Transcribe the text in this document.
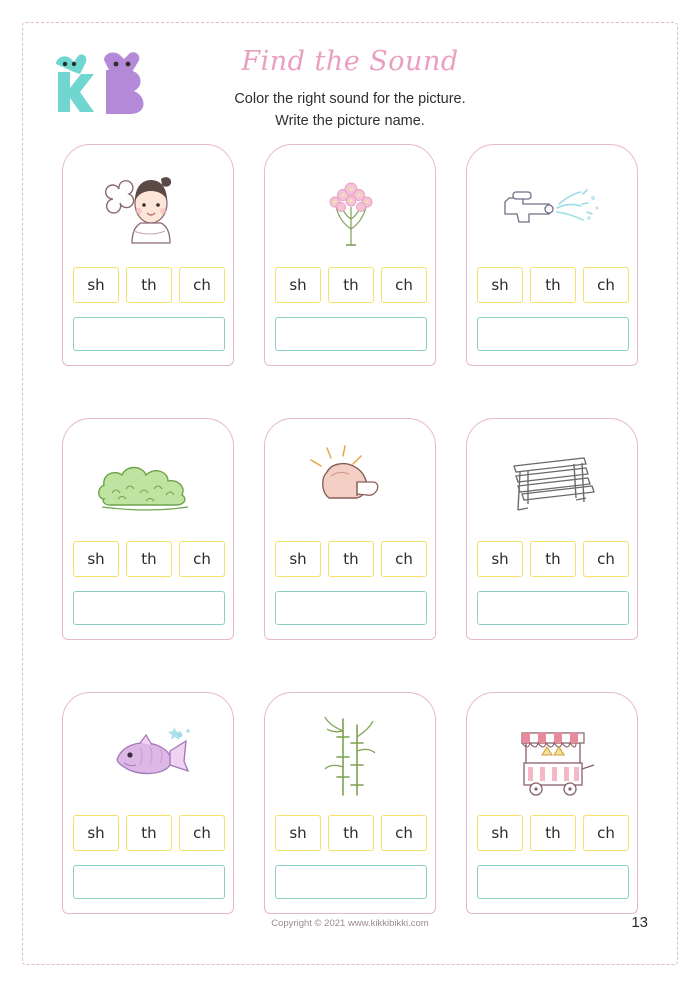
Find the Sound
Color the right sound for the picture.
Write the picture name.
sh	th	ch	sh	th	ch	sh	th	ch
sh	th	ch	sh	th	ch	sh	th	ch
sh	th	ch	sh	th	ch	sh	th	ch
Copyright © 2021 www.kikkibikki.com	13
